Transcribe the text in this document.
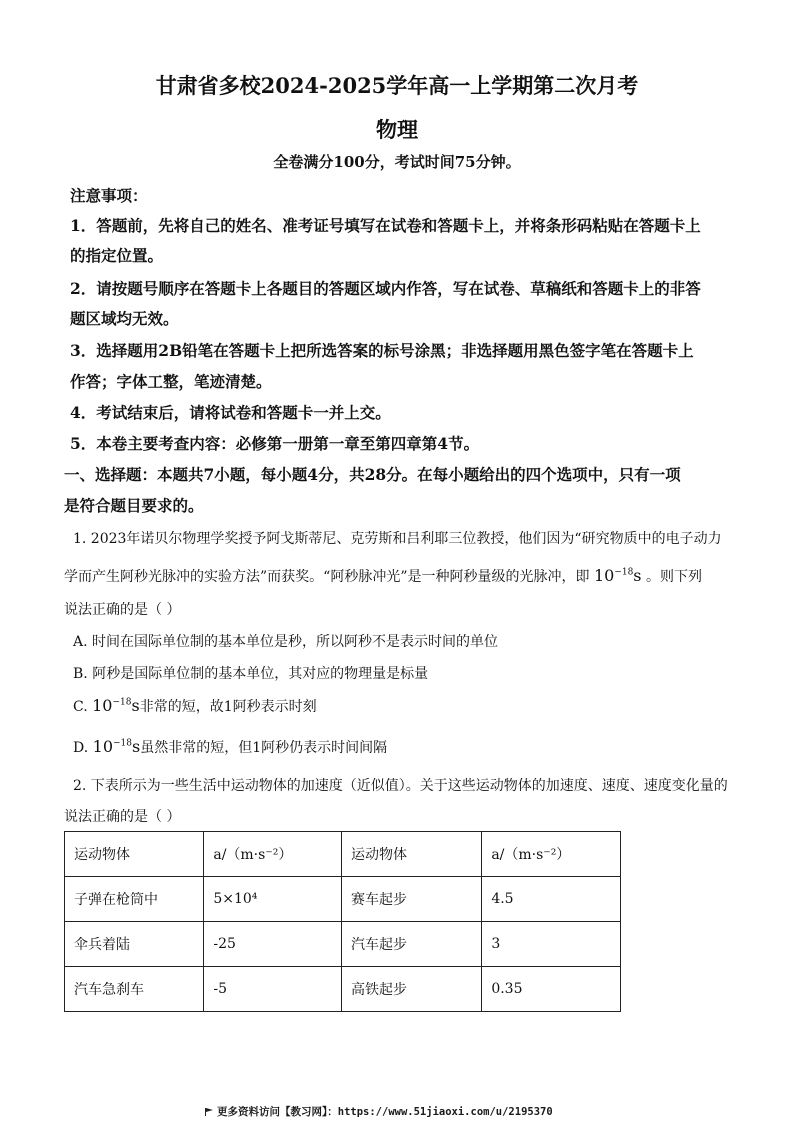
甘肃省多校2024-2025学年高一上学期第二次月考
物理
全卷满分100分，考试时间75分钟。
注意事项：
1．答题前，先将自己的姓名、准考证号填写在试卷和答题卡上，并将条形码粘贴在答题卡上
的指定位置。
2．请按题号顺序在答题卡上各题目的答题区域内作答，写在试卷、草稿纸和答题卡上的非答
题区域均无效。
3．选择题用2B铅笔在答题卡上把所选答案的标号涂黑；非选择题用黑色签字笔在答题卡上
作答；字体工整，笔迹清楚。
4．考试结束后，请将试卷和答题卡一并上交。
5．本卷主要考查内容：必修第一册第一章至第四章第4节。
一、选择题：本题共7小题，每小题4分，共28分。在每小题给出的四个选项中，只有一项
是符合题目要求的。
1. 2023年诺贝尔物理学奖授予阿戈斯蒂尼、克劳斯和吕利耶三位教授，他们因为“研究物质中的电子动力
学而产生阿秒光脉冲的实验方法”而获奖。“阿秒脉冲光”是一种阿秒量级的光脉冲，即 $10^{-18}s$ 。则下列
说法正确的是（ ）
A. 时间在国际单位制的基本单位是秒，所以阿秒不是表示时间的单位
B. 阿秒是国际单位制的基本单位，其对应的物理量是标量
C. $10^{-18}s$非常的短，故1阿秒表示时刻
D. $10^{-18}s$虽然非常的短，但1阿秒仍表示时间间隔
2. 下表所示为一些生活中运动物体的加速度（近似值）。关于这些运动物体的加速度、速度、速度变化量的
说法正确的是（ ）
运动物体	a/（m·s⁻²）	运动物体	a/（m·s⁻²）
子弹在枪筒中	5×10⁴	赛车起步	4.5
伞兵着陆	-25	汽车起步	3
汽车急刹车	-5	高铁起步	0.35
更多资料访问【教习网】：https://www.51jiaoxi.com/u/2195370
